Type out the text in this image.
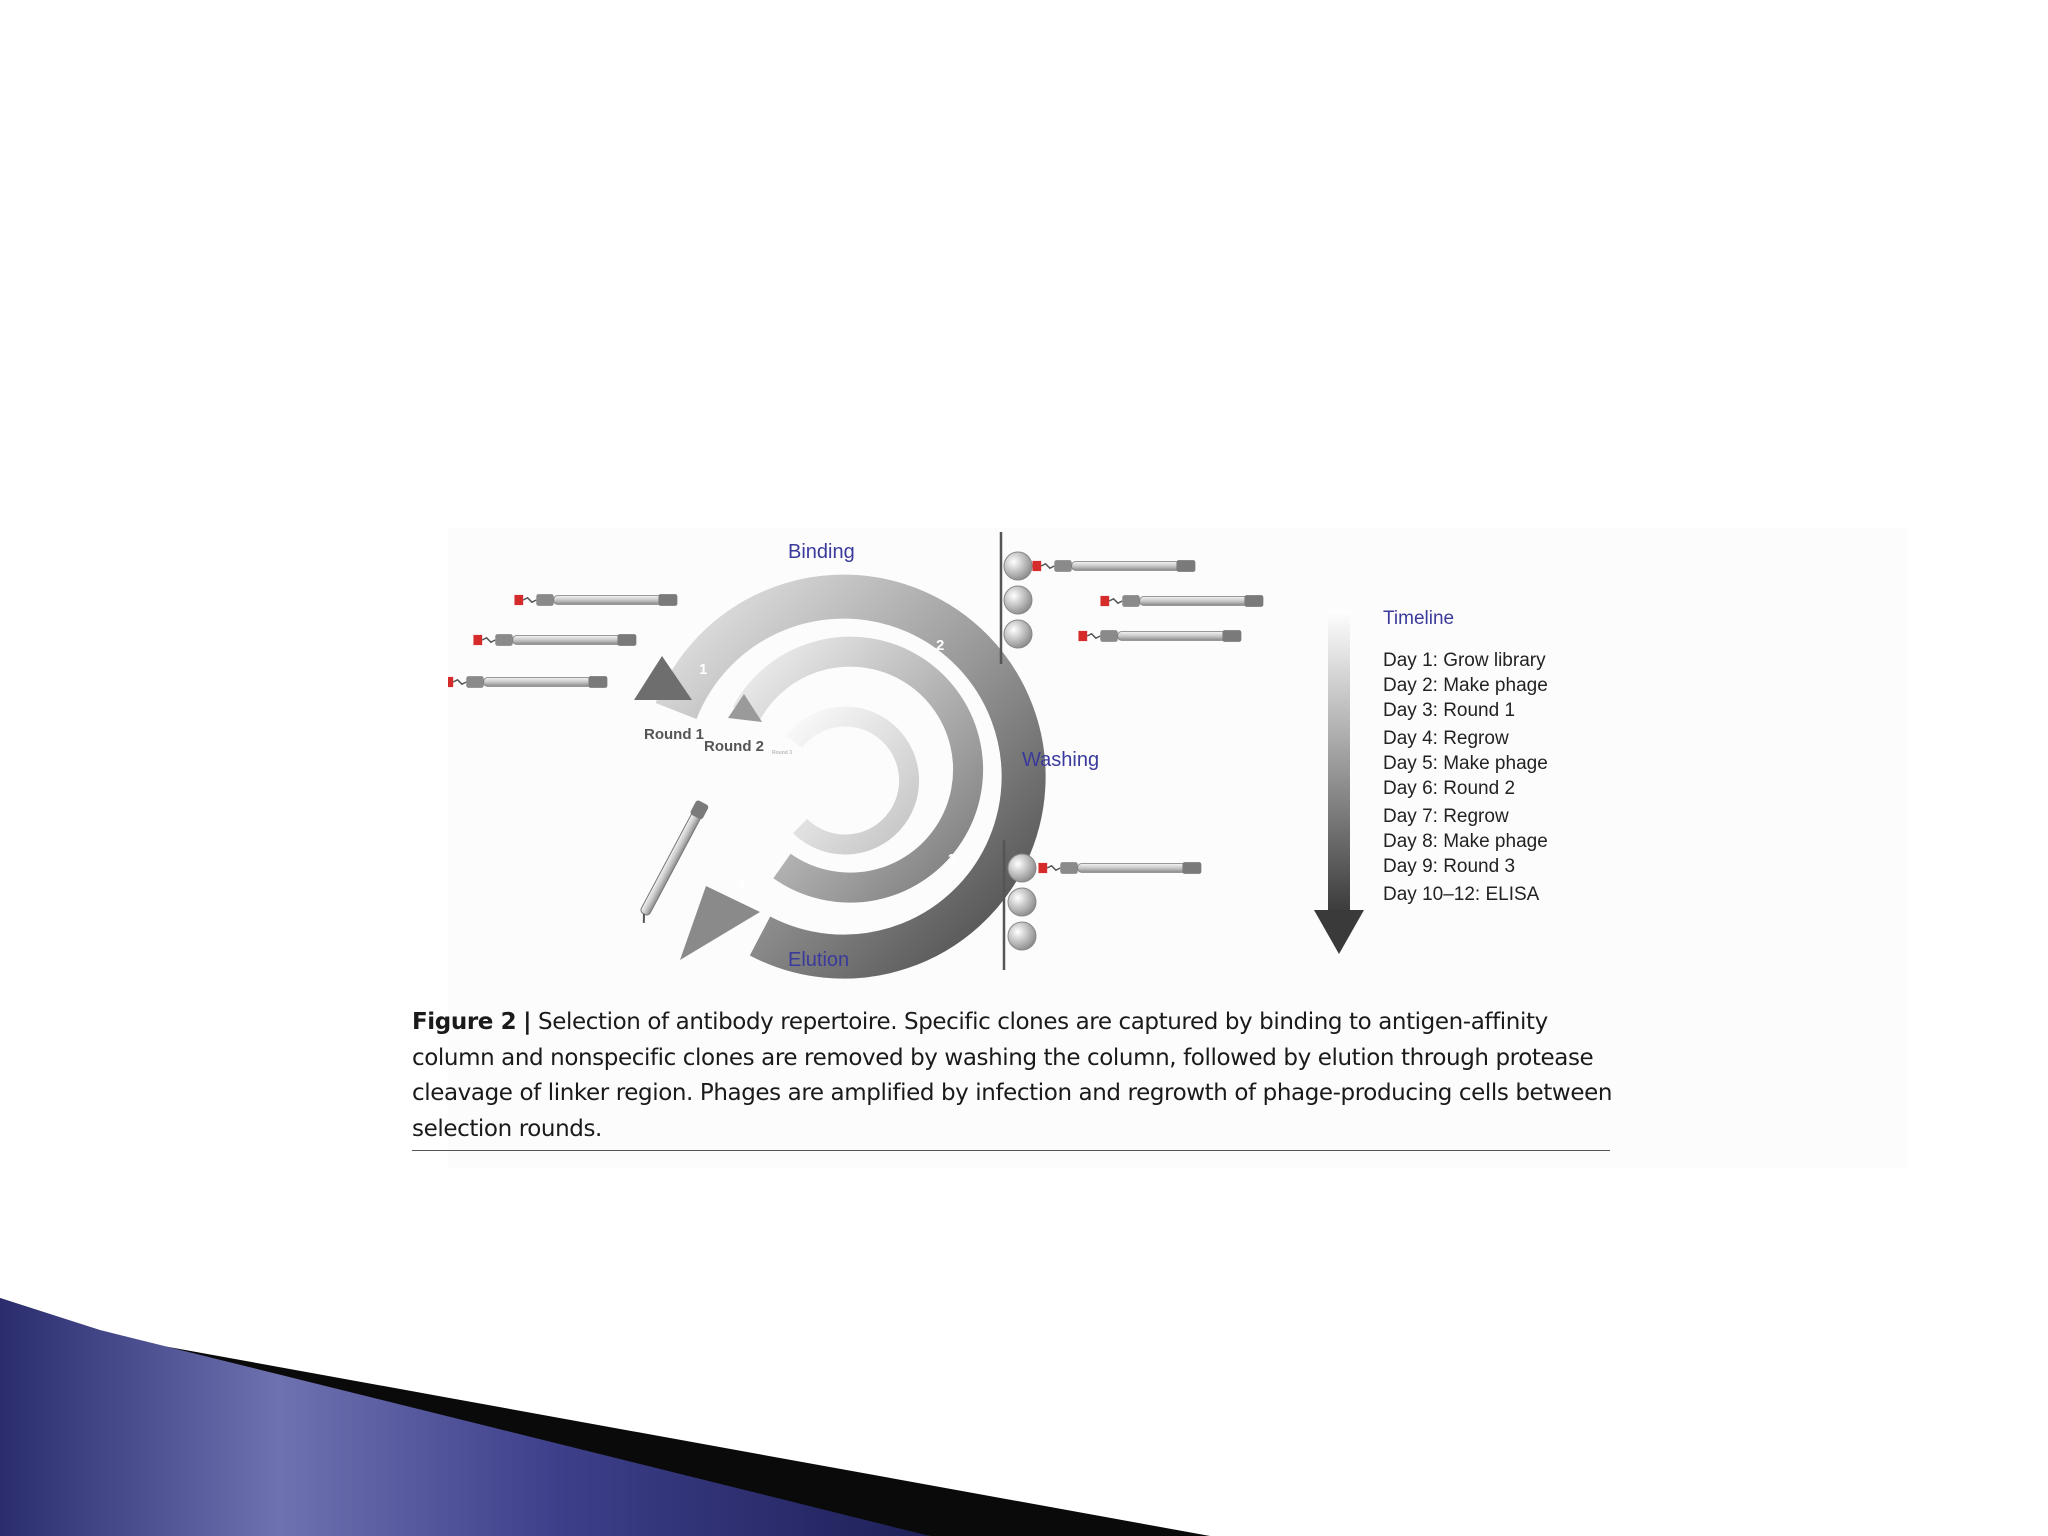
1
2
3
4
Round 1
Round 2 Round 3
Binding
Washing
Elution
Timeline
Day 1: Grow library
Day 2: Make phage
Day 3: Round 1
Day 4: Regrow
Day 5: Make phage
Day 6: Round 2
Day 7: Regrow
Day 8: Make phage
Day 9: Round 3
Day 10–12: ELISA
Figure 2 | Selection of antibody repertoire. Specific clones are captured by binding to antigen-affinity column and nonspecific clones are removed by washing the column, followed by elution through protease cleavage of linker region. Phages are amplified by infection and regrowth of phage-producing cells between selection rounds.
